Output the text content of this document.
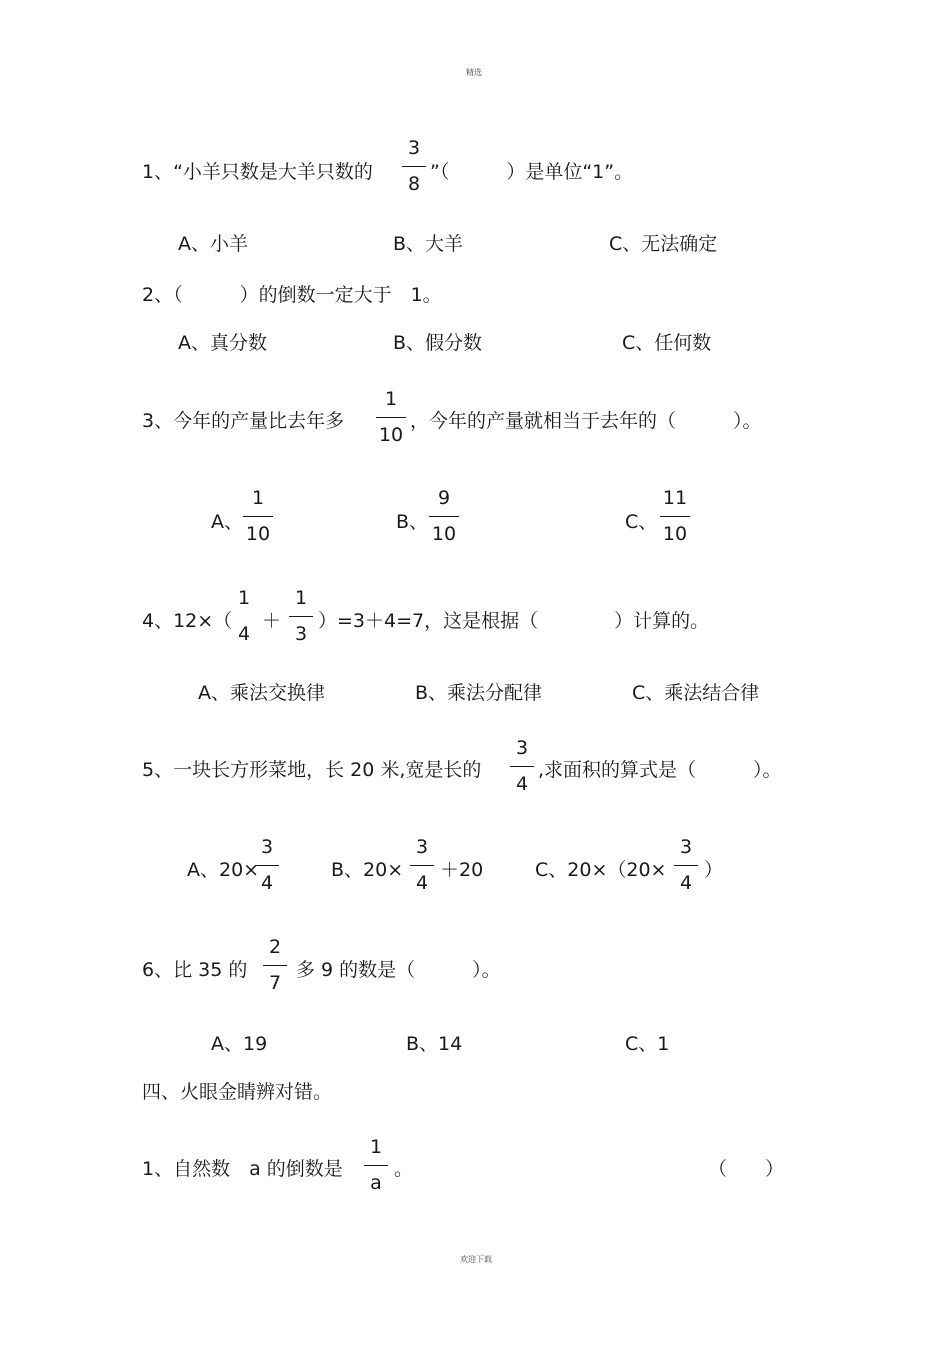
精选
欢迎下载
1、“小羊只数是大羊只数的
3
8
”（　　　）是单位“1”。
A、小羊	B、大羊	C、无法确定
2、（　　　）的倒数一定大于　1。
A、真分数	B、假分数	C、任何数
3、今年的产量比去年多
1
10
，今年的产量就相当于去年的（　　　）。
A、
1
10
B、
9
10
C、
11
10
4、12×（
1
4
＋
1
3
）=3＋4=7，这是根据（　　　　）计算的。
A、乘法交换律	B、乘法分配律	C、乘法结合律
5、一块长方形菜地，长 20 米,宽是长的
3
4
,求面积的算式是（　　　）。
A、20×
3
4
B、20×
3
4
＋20	C、20×（20×
3
4
）
6、比 35 的
2
7
多 9 的数是（　　　）。
A、19	B、14	C、1
四、火眼金睛辨对错。
1、自然数　a 的倒数是
1
a
。	（　　）
